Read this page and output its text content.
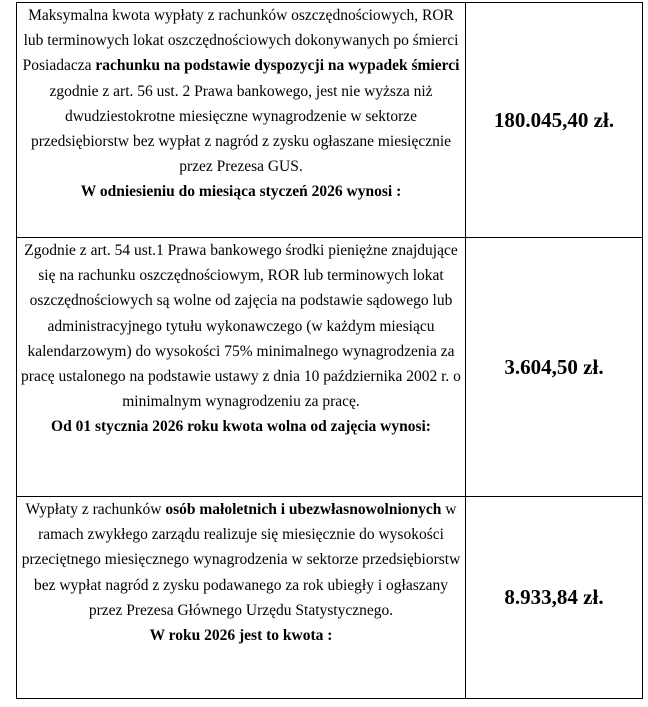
Maksymalna kwota wypłaty z rachunków oszczędnościowych, ROR lub terminowych lokat oszczędnościowych dokonywanych po śmierci Posiadacza rachunku na podstawie dyspozycji na wypadek śmierci zgodnie z art. 56 ust. 2 Prawa bankowego, jest nie wyższa niż dwudziestokrotne miesięczne wynagrodzenie w sektorze przedsiębiorstw bez wypłat z nagród z zysku ogłaszane miesięcznie przez Prezesa GUS.
W odniesieniu do miesiąca styczeń 2026 wynosi :	180.045,40 zł.
Zgodnie z art. 54 ust.1 Prawa bankowego środki pieniężne znajdujące się na rachunku oszczędnościowym, ROR lub terminowych lokat oszczędnościowych są wolne od zajęcia na podstawie sądowego lub administracyjnego tytułu wykonawczego (w każdym miesiącu kalendarzowym) do wysokości 75% minimalnego wynagrodzenia za pracę ustalonego na podstawie ustawy z dnia 10 października 2002 r. o minimalnym wynagrodzeniu za pracę.
Od 01 stycznia 2026 roku kwota wolna od zajęcia wynosi:	3.604,50 zł.
Wypłaty z rachunków osób małoletnich i ubezwłasnowolnionych w ramach zwykłego zarządu realizuje się miesięcznie do wysokości przeciętnego miesięcznego wynagrodzenia w sektorze przedsiębiorstw bez wypłat nagród z zysku podawanego za rok ubiegły i ogłaszany przez Prezesa Głównego Urzędu Statystycznego.
W roku 2026 jest to kwota :	8.933,84 zł.
